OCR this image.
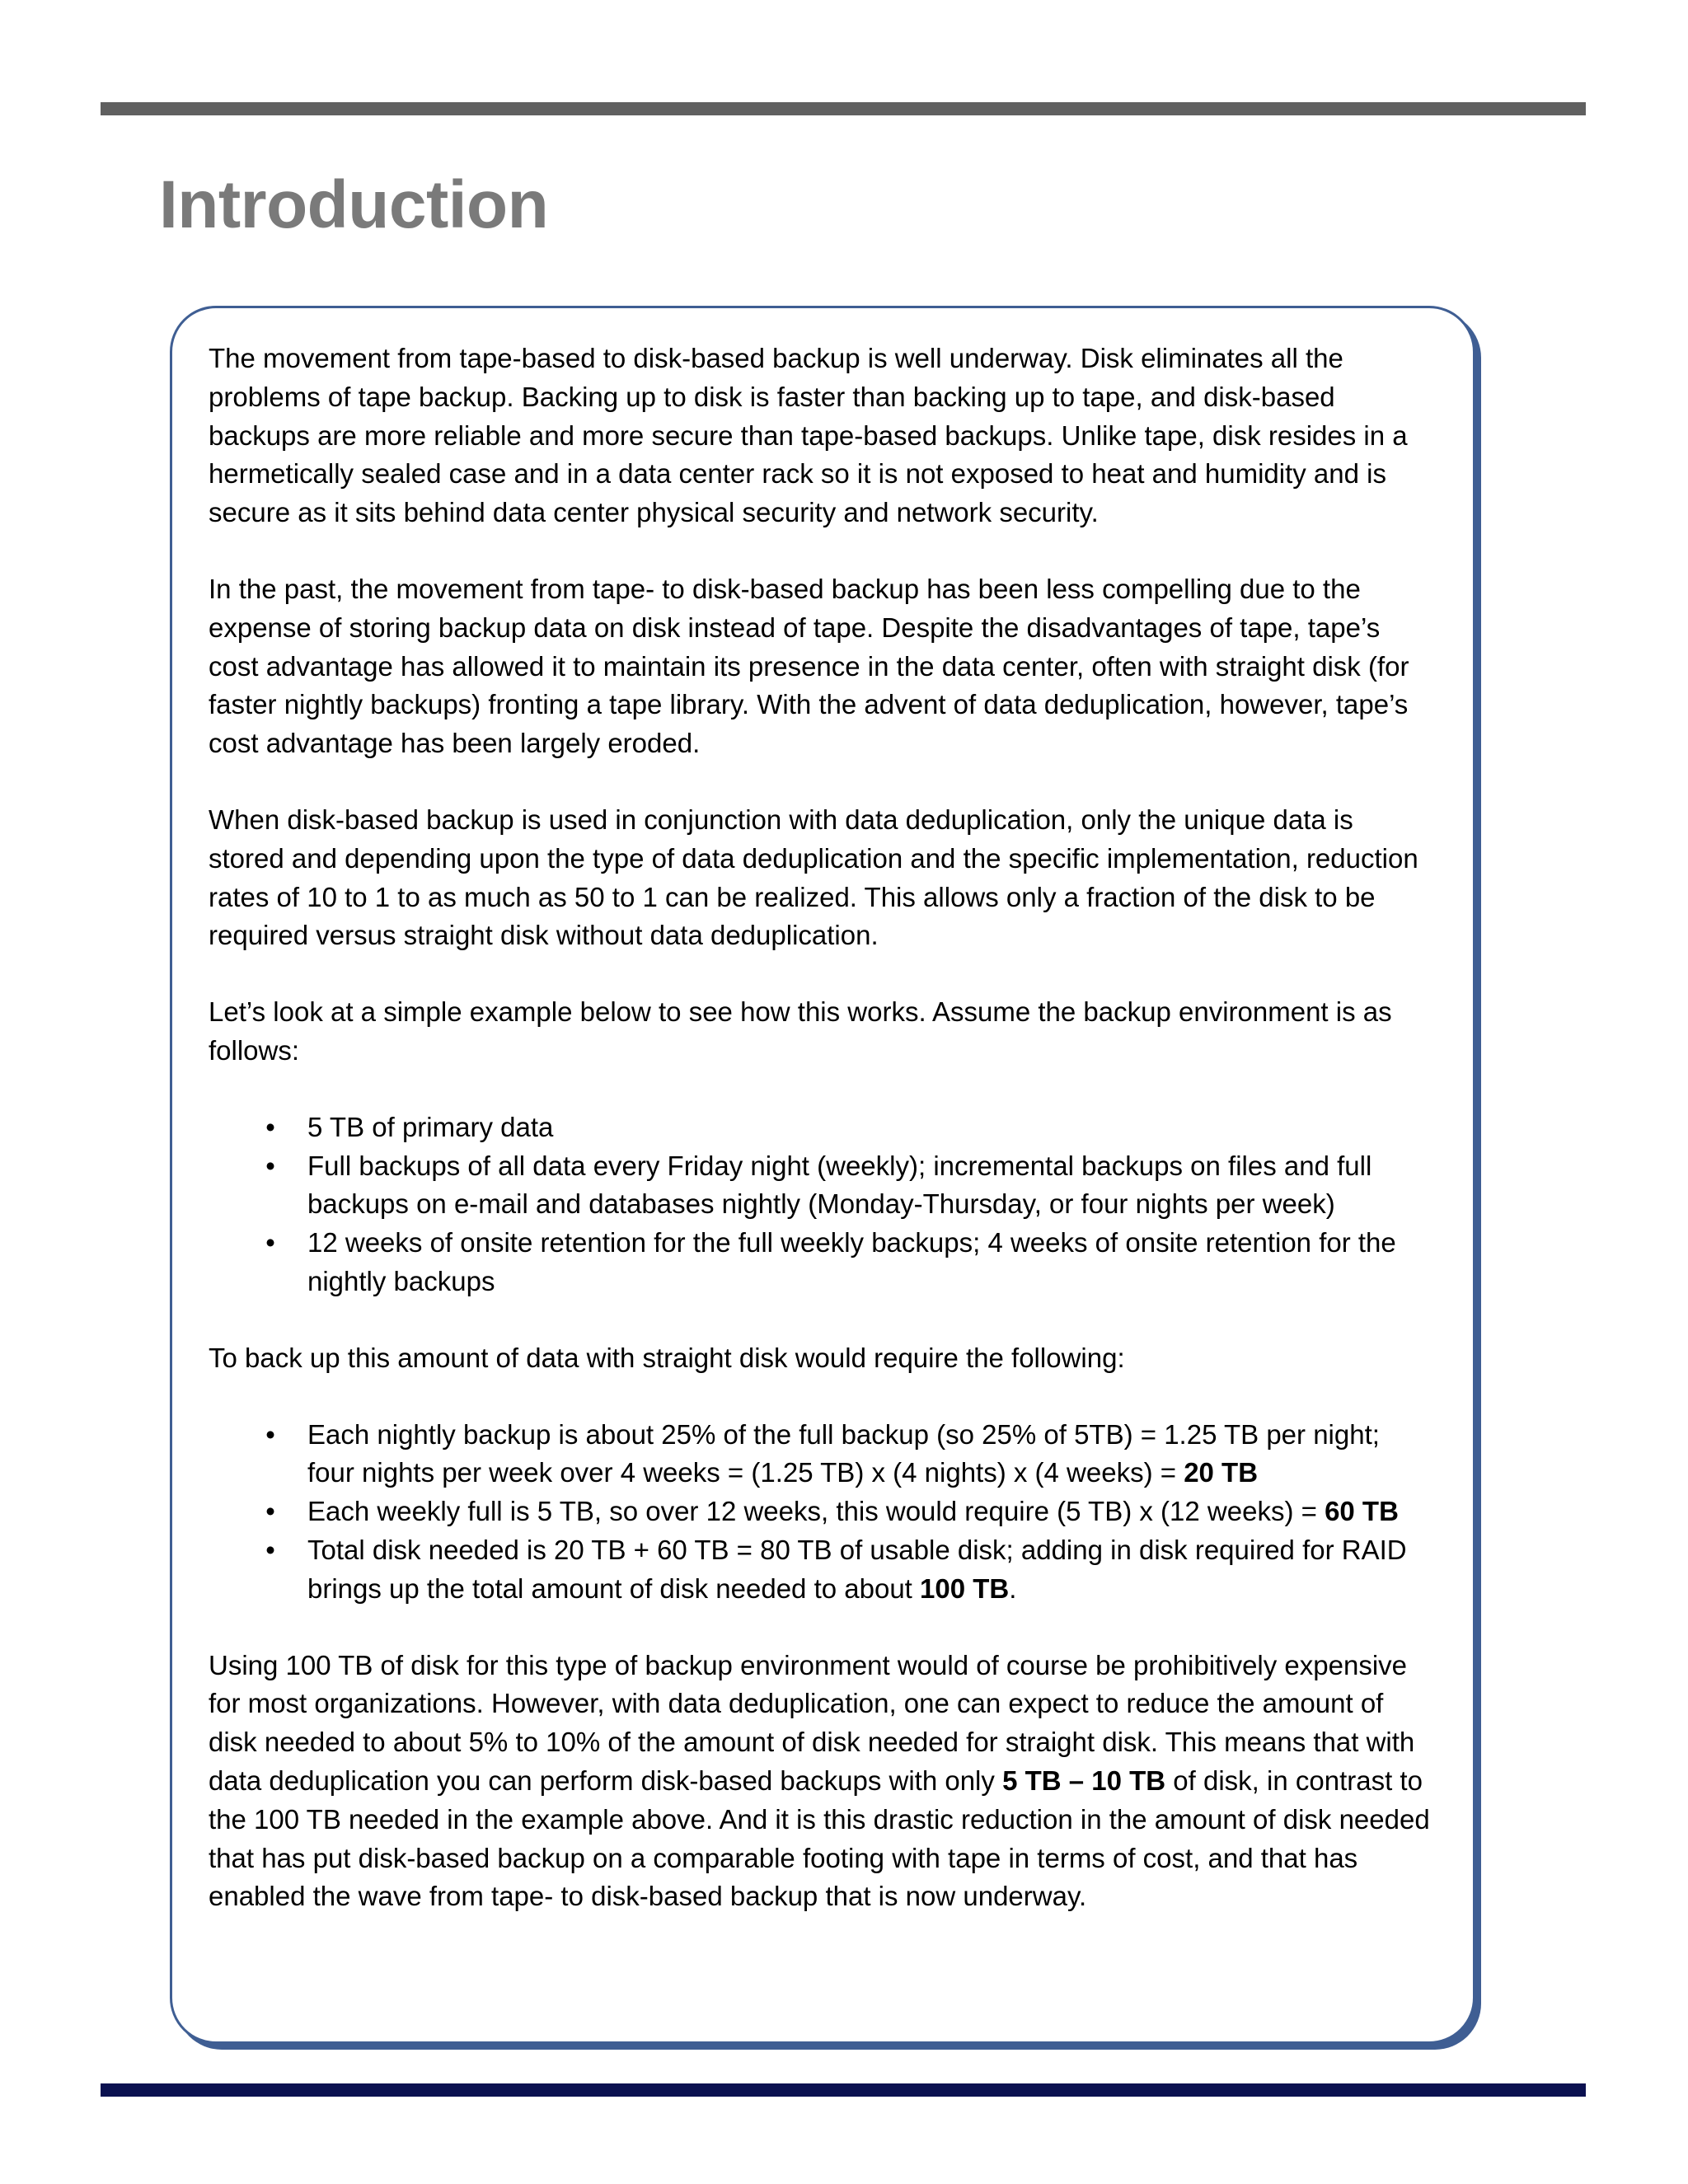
Introduction

The movement from tape-based to disk-based backup is well underway. Disk eliminates all the problems of tape backup. Backing up to disk is faster than backing up to tape, and disk-based backups are more reliable and more secure than tape-based backups. Unlike tape, disk resides in a hermetically sealed case and in a data center rack so it is not exposed to heat and humidity and is secure as it sits behind data center physical security and network security.

In the past, the movement from tape- to disk-based backup has been less compelling due to the expense of storing backup data on disk instead of tape. Despite the disadvantages of tape, tape’s cost advantage has allowed it to maintain its presence in the data center, often with straight disk (for faster nightly backups) fronting a tape library. With the advent of data deduplication, however, tape’s cost advantage has been largely eroded.

When disk-based backup is used in conjunction with data deduplication, only the unique data is stored and depending upon the type of data deduplication and the specific implementation, reduction rates of 10 to 1 to as much as 50 to 1 can be realized. This allows only a fraction of the disk to be required versus straight disk without data deduplication.

Let’s look at a simple example below to see how this works. Assume the backup environment is as follows:

• 5 TB of primary data
• Full backups of all data every Friday night (weekly); incremental backups on files and full backups on e-mail and databases nightly (Monday-Thursday, or four nights per week)
• 12 weeks of onsite retention for the full weekly backups; 4 weeks of onsite retention for the nightly backups

To back up this amount of data with straight disk would require the following:

• Each nightly backup is about 25% of the full backup (so 25% of 5TB) = 1.25 TB per night; four nights per week over 4 weeks = (1.25 TB) x (4 nights) x (4 weeks) = 20 TB
• Each weekly full is 5 TB, so over 12 weeks, this would require (5 TB) x (12 weeks) = 60 TB
• Total disk needed is 20 TB + 60 TB = 80 TB of usable disk; adding in disk required for RAID brings up the total amount of disk needed to about 100 TB.

Using 100 TB of disk for this type of backup environment would of course be prohibitively expensive for most organizations. However, with data deduplication, one can expect to reduce the amount of disk needed to about 5% to 10% of the amount of disk needed for straight disk. This means that with data deduplication you can perform disk-based backups with only 5 TB – 10 TB of disk, in contrast to the 100 TB needed in the example above. And it is this drastic reduction in the amount of disk needed that has put disk-based backup on a comparable footing with tape in terms of cost, and that has enabled the wave from tape- to disk-based backup that is now underway.
